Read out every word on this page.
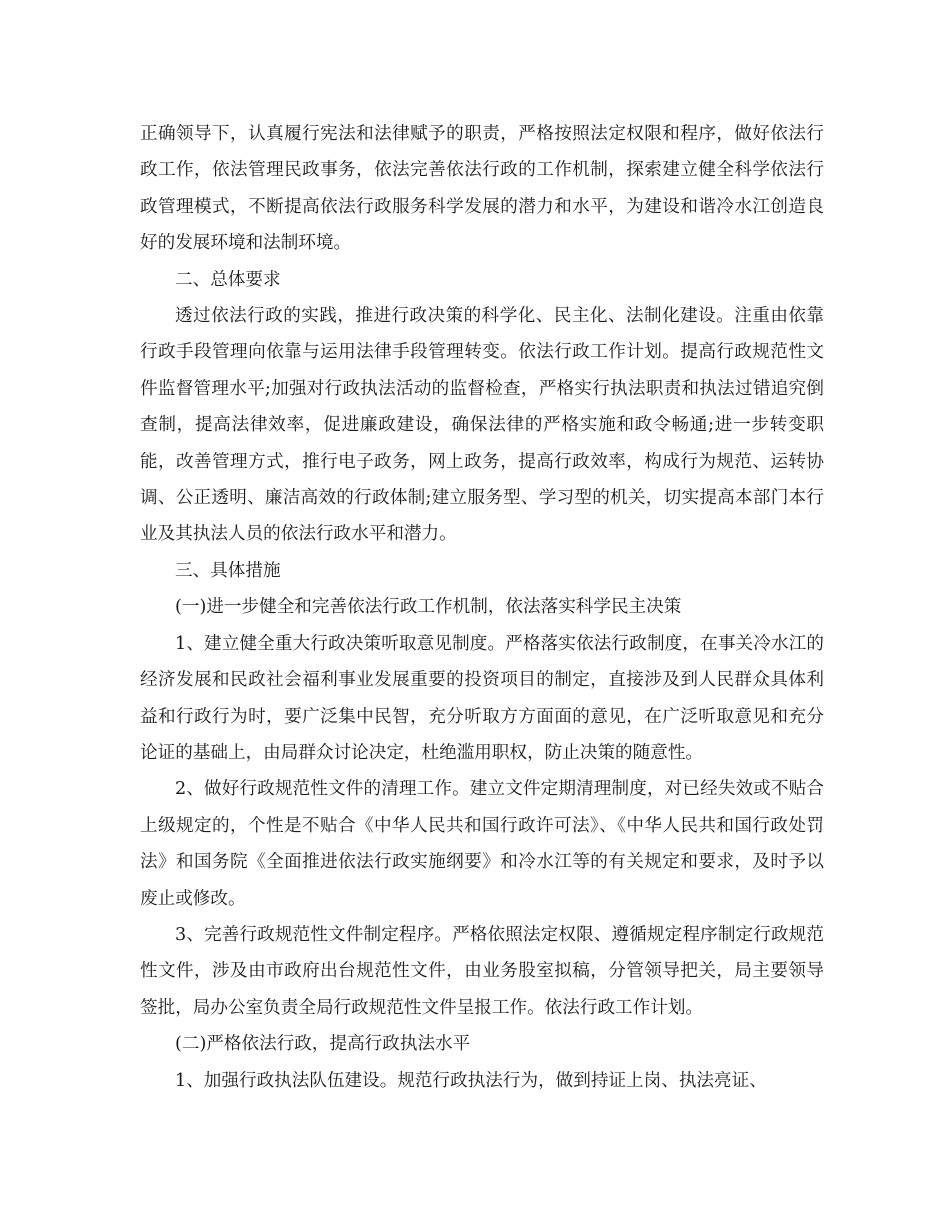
正确领导下，认真履行宪法和法律赋予的职责，严格按照法定权限和程序，做好依法行政工作，依法管理民政事务，依法完善依法行政的工作机制，探索建立健全科学依法行政管理模式，不断提高依法行政服务科学发展的潜力和水平，为建设和谐冷水江创造良好的发展环境和法制环境。

二、总体要求

透过依法行政的实践，推进行政决策的科学化、民主化、法制化建设。注重由依靠行政手段管理向依靠与运用法律手段管理转变。依法行政工作计划。提高行政规范性文件监督管理水平;加强对行政执法活动的监督检查，严格实行执法职责和执法过错追究倒查制，提高法律效率，促进廉政建设，确保法律的严格实施和政令畅通;进一步转变职能，改善管理方式，推行电子政务，网上政务，提高行政效率，构成行为规范、运转协调、公正透明、廉洁高效的行政体制;建立服务型、学习型的机关，切实提高本部门本行业及其执法人员的依法行政水平和潜力。

三、具体措施

(一)进一步健全和完善依法行政工作机制，依法落实科学民主决策

1、建立健全重大行政决策听取意见制度。严格落实依法行政制度，在事关冷水江的经济发展和民政社会福利事业发展重要的投资项目的制定，直接涉及到人民群众具体利益和行政行为时，要广泛集中民智，充分听取方方面面的意见，在广泛听取意见和充分论证的基础上，由局群众讨论决定，杜绝滥用职权，防止决策的随意性。

2、做好行政规范性文件的清理工作。建立文件定期清理制度，对已经失效或不贴合上级规定的，个性是不贴合《中华人民共和国行政许可法》、《中华人民共和国行政处罚法》和国务院《全面推进依法行政实施纲要》和冷水江等的有关规定和要求，及时予以废止或修改。

3、完善行政规范性文件制定程序。严格依照法定权限、遵循规定程序制定行政规范性文件，涉及由市政府出台规范性文件，由业务股室拟稿，分管领导把关，局主要领导签批，局办公室负责全局行政规范性文件呈报工作。依法行政工作计划。

(二)严格依法行政，提高行政执法水平

1、加强行政执法队伍建设。规范行政执法行为，做到持证上岗、执法亮证、
